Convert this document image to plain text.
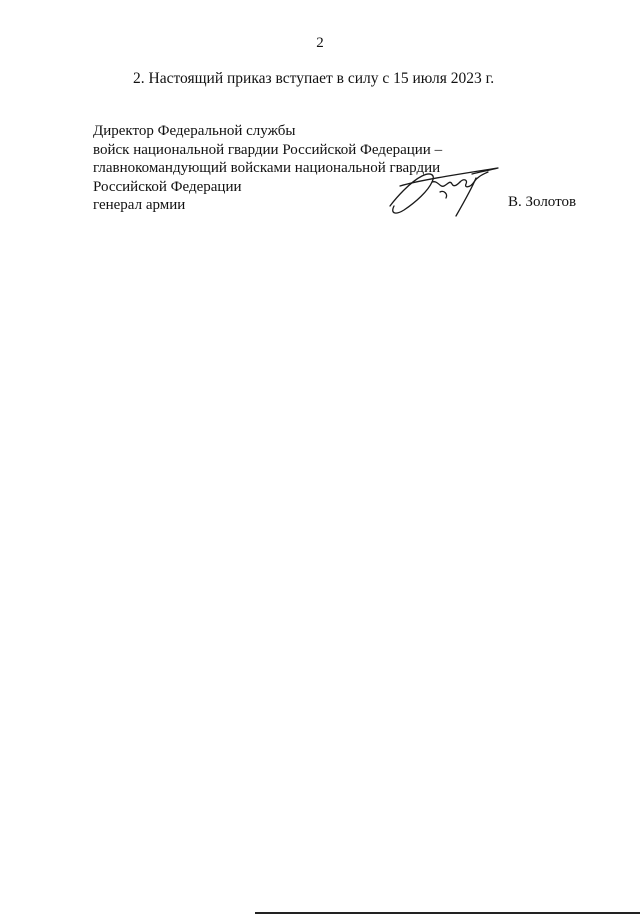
2
2. Настоящий приказ вступает в силу с 15 июля 2023 г.
Директор Федеральной службы
войск национальной гвардии Российской Федерации –
главнокомандующий войсками национальной гвардии
Российской Федерации
генерал армии	В. Золотов
